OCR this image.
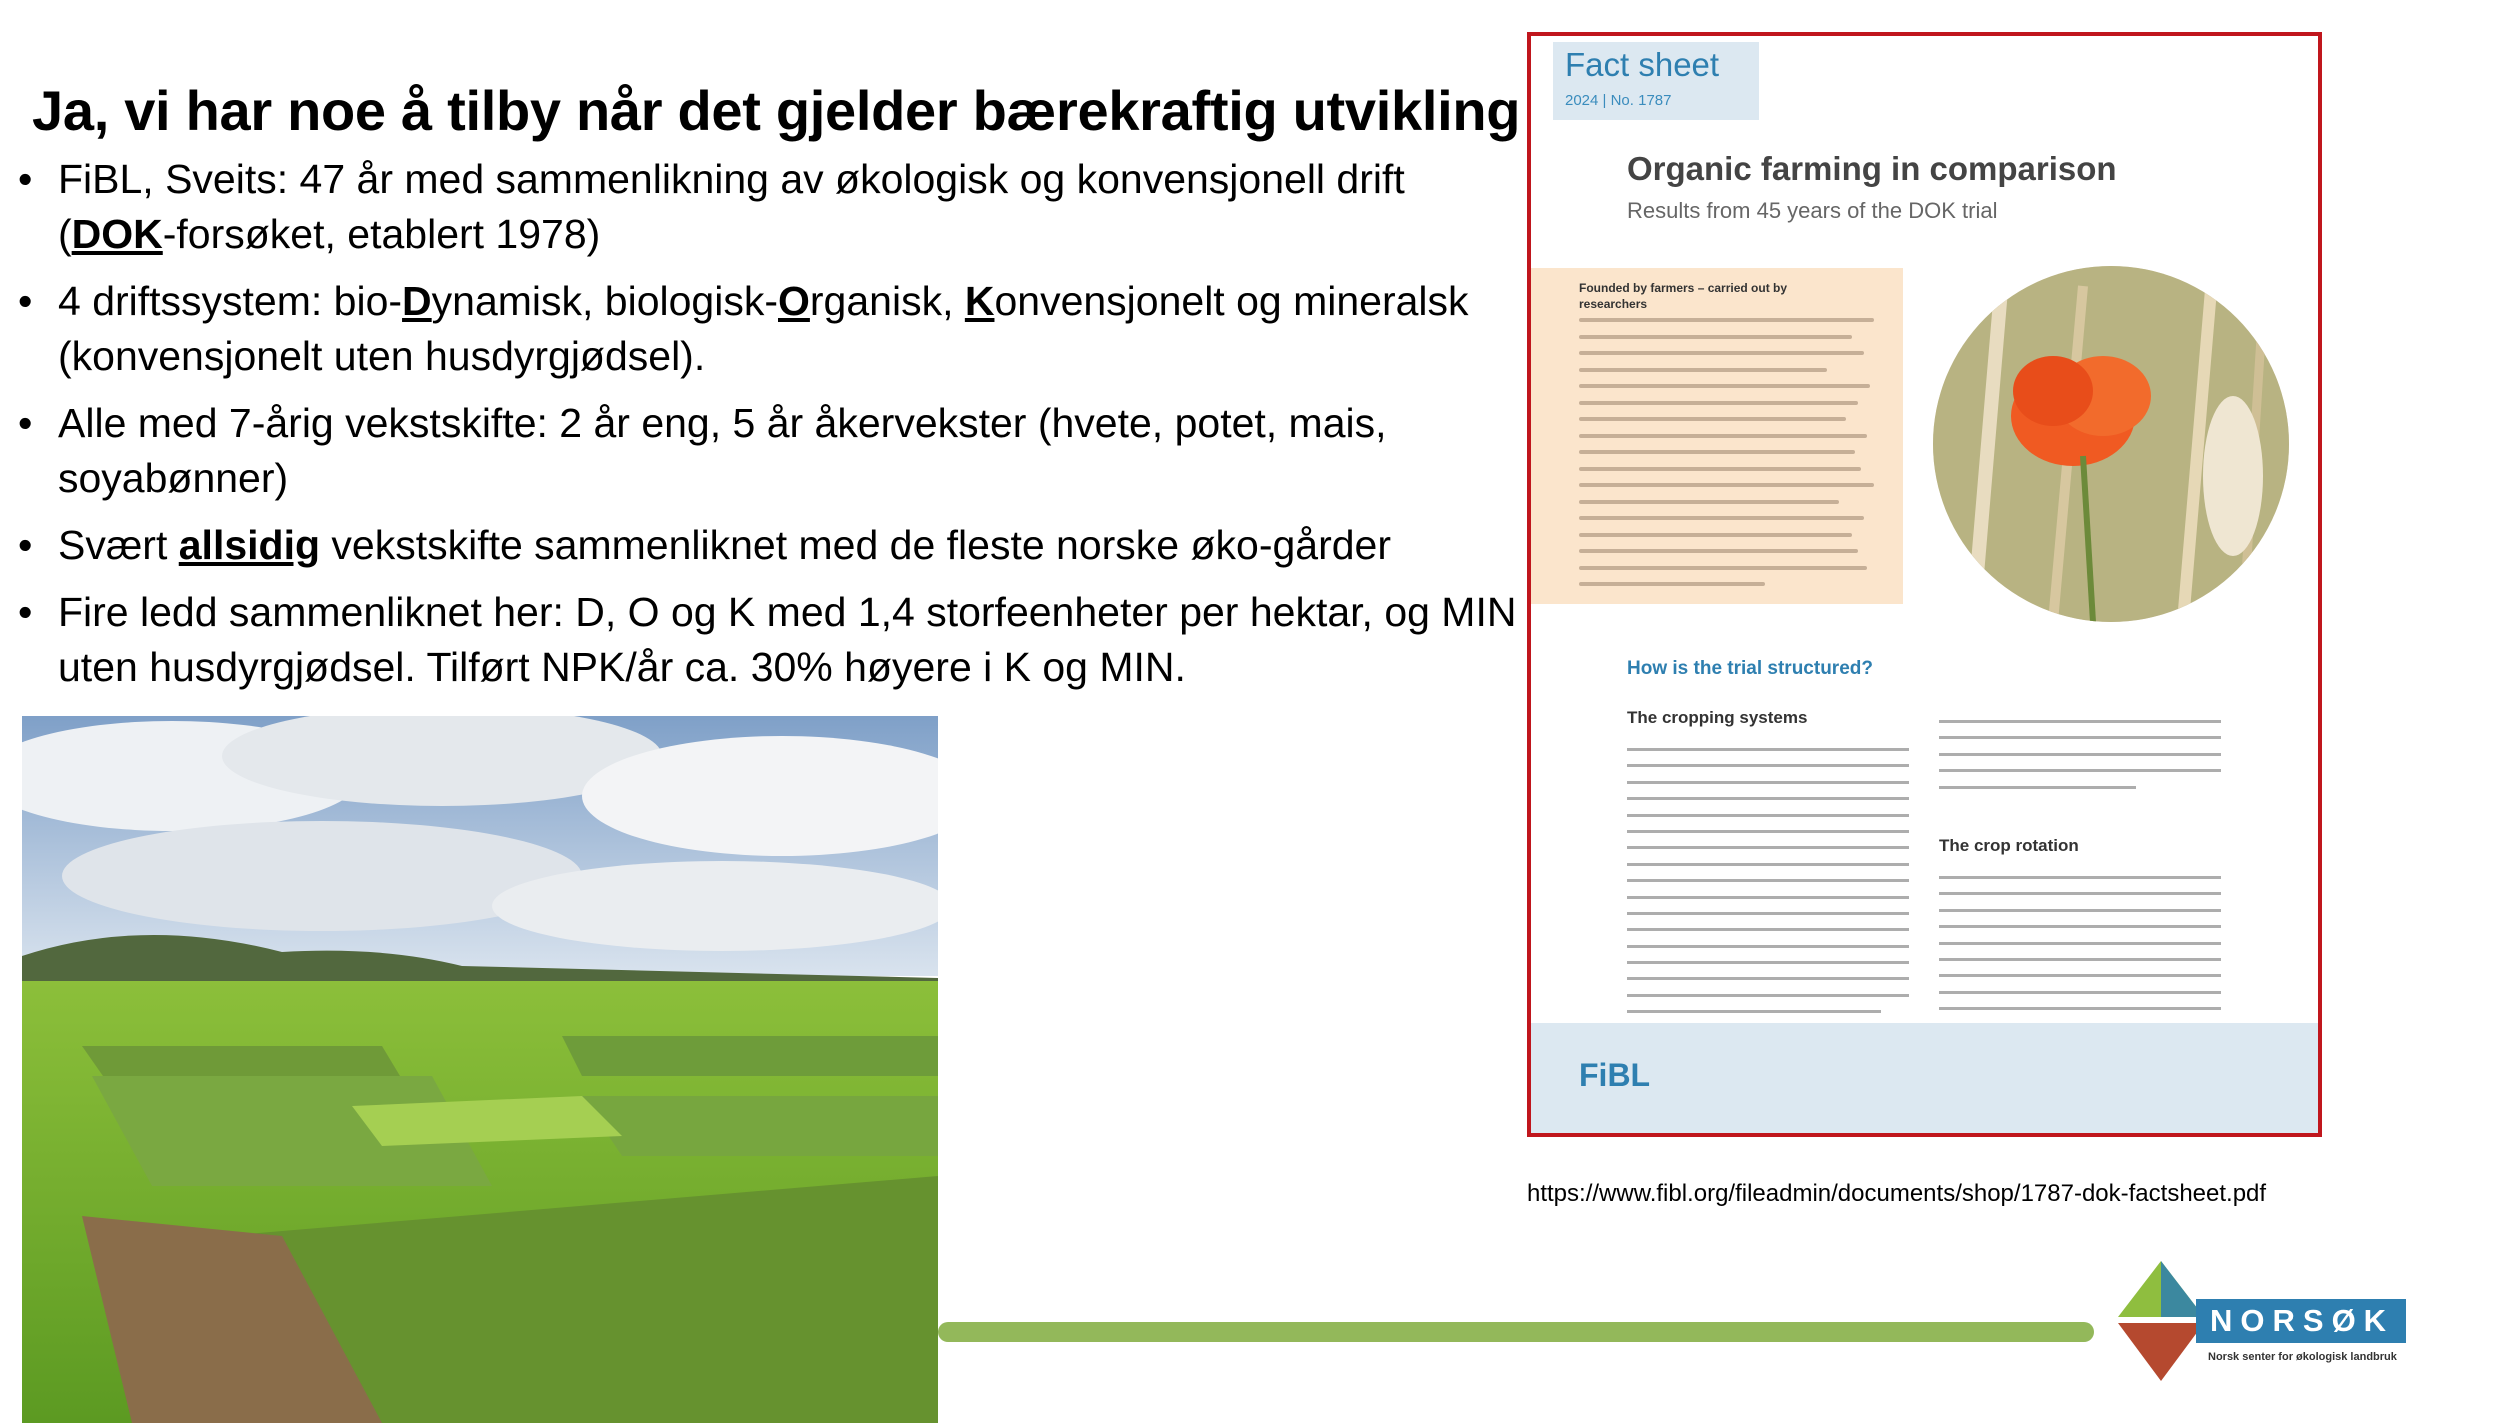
Ja, vi har noe å tilby når det gjelder bærekraftig utvikling
• FiBL, Sveits: 47 år med sammenlikning av økologisk og konvensjonell drift (DOK-forsøket, etablert 1978)
• 4 driftssystem: bio-Dynamisk, biologisk-Organisk, Konvensjonelt og mineralsk (konvensjonelt uten husdyrgjødsel).
• Alle med 7-årig vekstskifte: 2 år eng, 5 år åkervekster (hvete, potet, mais, soyabønner)
• Svært allsidig vekstskifte sammenliknet med de fleste norske øko-gårder
• Fire ledd sammenliknet her: D, O og K med 1,4 storfeenheter per hektar, og MIN uten husdyrgjødsel. Tilført NPK/år ca. 30% høyere i K og MIN.
Fact sheet
2024 | No. 1787
Organic farming in comparison
Results from 45 years of the DOK trial
Founded by farmers – carried out by researchers
How is the trial structured?
The cropping systems
The crop rotation
FiBL
https://www.fibl.org/fileadmin/documents/shop/1787-dok-factsheet.pdf
NORSØK
Norsk senter for økologisk landbruk
